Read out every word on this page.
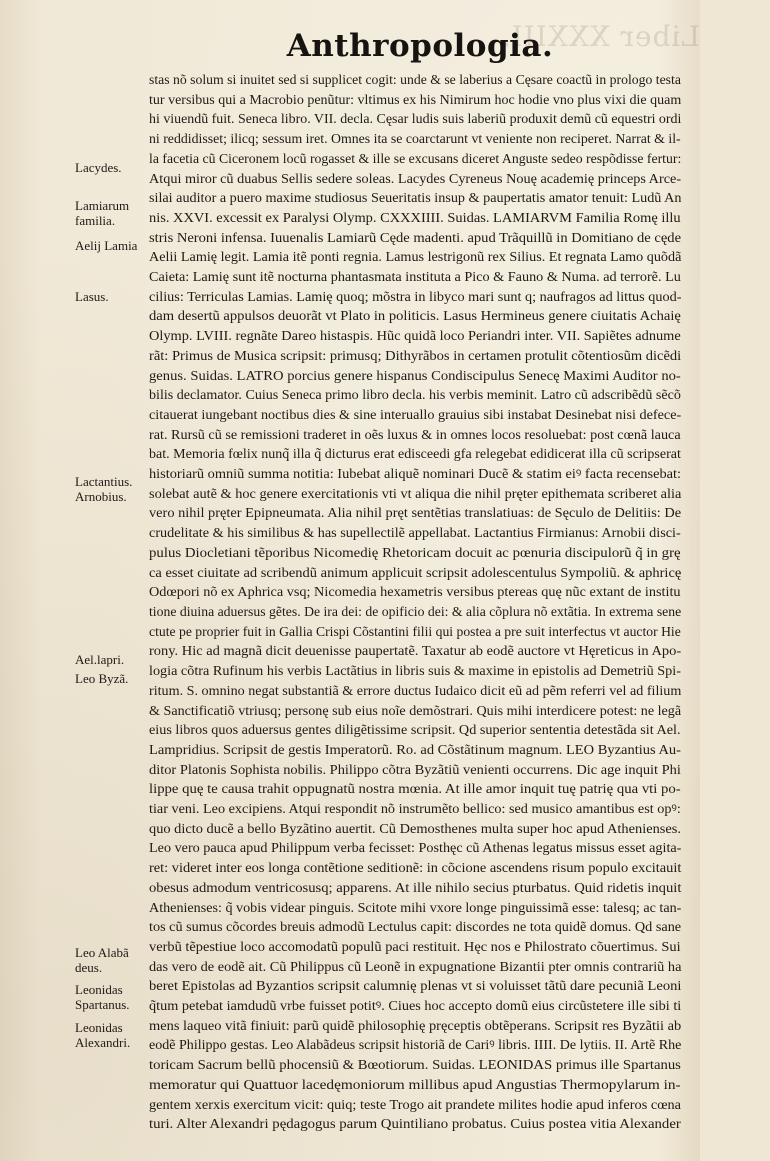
Liber XXXIII.
Anthropologia.
Lacydes.
Lamiarum
familia.
Aelij Lamia
Lasus.
Lactantius.
Arnobius.
Ael.lapri.
Leo Byzã.
Leo Alabã
deus.
Leonidas
Spartanus.
Leonidas
Alexandri.
stas nõ solum si inuitet sed si supplicet cogit: unde & se laberius a Cęsare coactũ in prologo testa
tur versibus qui a Macrobio penũtur: vltimus ex his Nimirum hoc hodie vno plus vixi die quam
hi viuendũ fuit. Seneca libro. VII. decla. Cęsar ludis suis laberiũ produxit demũ cũ equestri ordi
ni reddidisset; ilicq; sessum iret. Omnes ita se coarctarunt vt veniente non reciperet. Narrat & il-
la facetia cũ Ciceronem locũ rogasset & ille se excusans diceret Anguste sedeo respõdisse fertur:
Atqui miror cũ duabus Sellis sedere soleas. Lacydes Cyreneus Nouę academię princeps Arce-
silai auditor a puero maxime studiosus Seueritatis insup & paupertatis amator tenuit: Ludũ An
nis. XXVI. excessit ex Paralysi Olymp. CXXXIIII. Suidas. LAMIARVM Familia Romę illu
stris Neroni infensa. Iuuenalis Lamiarũ Cęde madenti. apud Trãquillũ in Domitiano de cęde
Aelii Lamię legit. Lamia itẽ ponti regnia. Lamus lestrigonũ rex Silius. Et regnata Lamo quõdã
Caieta: Lamię sunt itẽ nocturna phantasmata instituta a Pico & Fauno & Numa. ad terrorẽ. Lu
cilius: Terriculas Lamias. Lamię quoq; mõstra in libyco mari sunt q; naufragos ad littus quod-
dam desertũ appulsos deuorãt vt Plato in politicis. Lasus Hermineus genere ciuitatis Achaię
Olymp. LVIII. regnãte Dareo histaspis. Hũc quidã loco Periandri inter. VII. Sapiẽtes adnume
rãt: Primus de Musica scripsit: primusq; Dithyrãbos in certamen protulit cõtentiosũm dicẽdi
genus. Suidas. LATRO porcius genere hispanus Condiscipulus Senecę Maximi Auditor no-
bilis declamator. Cuius Seneca primo libro decla. his verbis meminit. Latro cũ adscribẽdũ sẽcõ
citauerat iungebant noctibus dies & sine interuallo grauius sibi instabat Desinebat nisi defece-
rat. Rursũ cũ se remissioni traderet in oẽs luxus & in omnes locos resoluebat: post cœnã lauca
bat. Memoria fœlix nunq̃ illa q̃ dicturus erat edisceedi gfa relegebat edidicerat illa cũ scripserat
historiarũ omniũ summa notitia: Iubebat aliquẽ nominari Ducẽ & statim eiꝰ facta recensebat:
solebat autẽ & hoc genere exercitationis vti vt aliqua die nihil pręter epithemata scriberet alia
vero nihil pręter Epipneumata. Alia nihil pręt sentẽtias translatiuas: de Sęculo de Delitiis: De
crudelitate & his similibus & has supellectilẽ appellabat. Lactantius Firmianus: Arnobii disci-
pulus Diocletiani tẽporibus Nicomedię Rhetoricam docuit ac pœnuria discipulorũ q̃ in grę
ca esset ciuitate ad scribendũ animum applicuit scripsit adolescentulus Sympoliũ. & aphricę
Odœpori nõ ex Aphrica vsq; Nicomedia hexametris versibus ptereas quę nũc extant de institu
tione diuina aduersus gẽtes. De ira dei: de opificio dei: & alia cõplura nõ extãtia. In extrema sene
ctute pe proprier fuit in Gallia Crispi Cõstantini filii qui postea a pre suit interfectus vt auctor Hie
rony. Hic ad magnã dicit deuenisse paupertatẽ. Taxatur ab eodẽ auctore vt Hęreticus in Apo-
logia cõtra Rufinum his verbis Lactãtius in libris suis & maxime in epistolis ad Demetriũ Spi-
ritum. S. omnino negat substantiã & errore ductus Iudaico dicit eũ ad pẽm referri vel ad filium
& Sanctificatiõ vtriusq; personę sub eius noĩe demõstrari. Quis mihi interdicere potest: ne legã
eius libros quos aduersus gentes diligẽtissime scripsit. Qd superior sententia detestãda sit Ael.
Lampridius. Scripsit de gestis Imperatorũ. Ro. ad Cõstãtinum magnum. LEO Byzantius Au-
ditor Platonis Sophista nobilis. Philippo cõtra Byzãtiũ venienti occurrens. Dic age inquit Phi
lippe quę te causa trahit oppugnatũ nostra mœnia. At ille amor inquit tuę patrię qua vti po-
tiar veni. Leo excipiens. Atqui respondit nõ instrumẽto bellico: sed musico amantibus est opꝰ:
quo dicto ducẽ a bello Byzãtino auertit. Cũ Demosthenes multa super hoc apud Athenienses.
Leo vero pauca apud Philippum verba fecisset: Posthęc cũ Athenas legatus missus esset agita-
ret: videret inter eos longa contẽtione seditionẽ: in cõcione ascendens risum populo excitauit
obesus admodum ventricosusq; apparens. At ille nihilo secius pturbatus. Quid ridetis inquit
Athenienses: q̃ vobis videar pinguis. Scitote mihi vxore longe pinguissimã esse: talesq; ac tan-
tos cũ sumus cõcordes breuis admodũ Lectulus capit: discordes ne tota quidẽ domus. Qd sane
verbũ tẽpestiue loco accomodatũ populũ paci restituit. Hęc nos e Philostrato cõuertimus. Sui
das vero de eodẽ ait. Cũ Philippus cũ Leonẽ in expugnatione Bizantii pter omnis contrariũ ha
beret Epistolas ad Byzantios scripsit calumnię plenas vt si voluisset tãtũ dare pecuniã Leoni
q̃tum petebat iamdudũ vrbe fuisset potitꝰ. Ciues hoc accepto domũ eius circũstetere ille sibi ti
mens laqueo vitã finiuit: parũ quidẽ philosophię pręceptis obtẽperans. Scripsit res Byzãtii ab
eodẽ Philippo gestas. Leo Alabãdeus scripsit historiã de Cariꝰ libris. IIII. De lytiis. II. Artẽ Rhe
toricam Sacrum bellũ phocensiũ & Bœotiorum. Suidas. LEONIDAS primus ille Spartanus
memoratur qui Quattuor lacedęmoniorum millibus apud Angustias Thermopylarum in-
gentem xerxis exercitum vicit: quiq; teste Trogo ait prandete milites hodie apud inferos cœna
turi. Alter Alexandri pędagogus parum Quintiliano probatus. Cuius postea vitia Alexander
